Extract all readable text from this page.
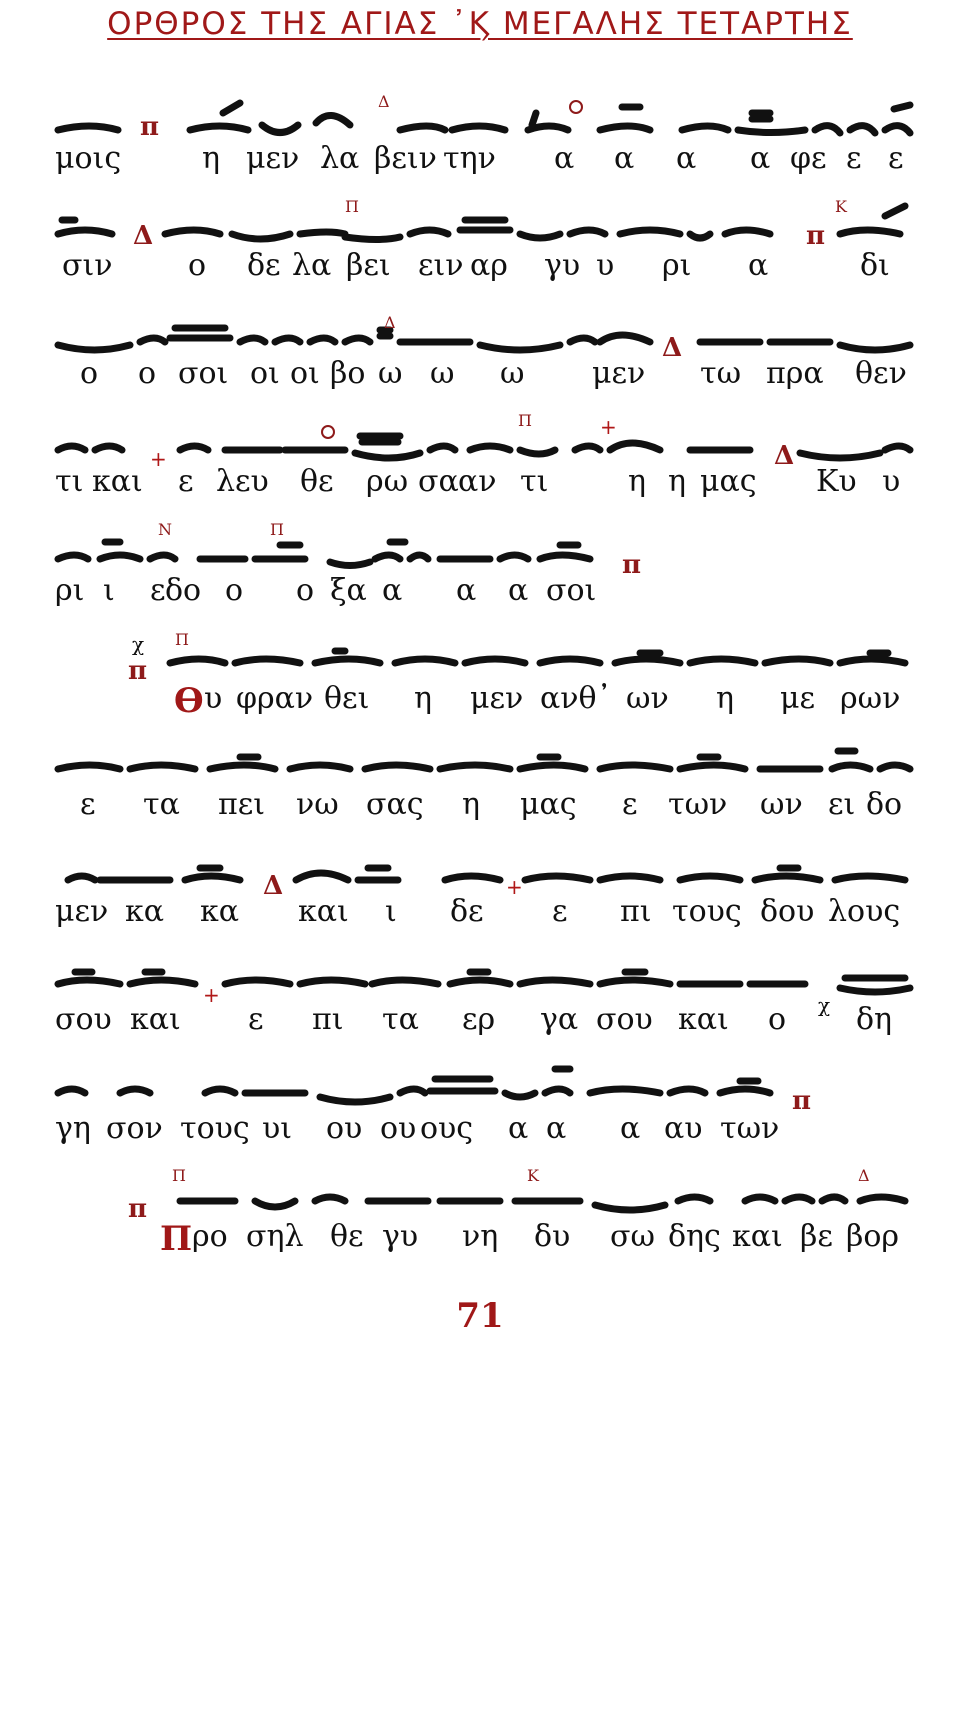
ΟΡΘΡΟΣ ΤΗΣ ΑΓΙΑΣ ᾿Ϗ ΜΕΓΑΛΗΣ ΤΕΤΑΡΤΗΣ
π
Δ

μοις

	η

μεν

λα

βειν

την

α

α

α

α

φε

ε

ε

Δ
Π	Κ
π

σιν

	ο

δε

λα

βει

ειν

αρ

γυ

υ

ρι

α

	δι

Δ
Δ

ο

ο

σοι

οι

οι

βο

ω

ω

ω

μεν

τω

πρα

θεν

+
Π	+
Δ

τι

και

ε

λευ

θε

ρω

σα

αν

τι

	η

η

μας

Κυ

υ

Ν	Π
π

ρι

ι

ε

δο

ο

ο

ξα

α

α

α

σοι

χ Π
π

Ɵ

υ

φραν

θει

η

μεν

ανθ᾽

ων

η

με

ρων

ε

τα

πει

νω

σας

η

μας

ε

των

ων

ει

δο

Δ	+

μεν

κα

κα

και

ι

δε

ε

πι

τους

δου

λους

+	χ

σου

και

ε

πι

τα

ερ

γα

σου

και

ο

δη

π

γη

σον

τους

υι

ου

ου

ους

α

α

α

αυ

των

Π	Κ	Δ
π

Π

ρο

σηλ

θε

γυ

νη

δυ

σω

δης

και

βε

βορ

71
